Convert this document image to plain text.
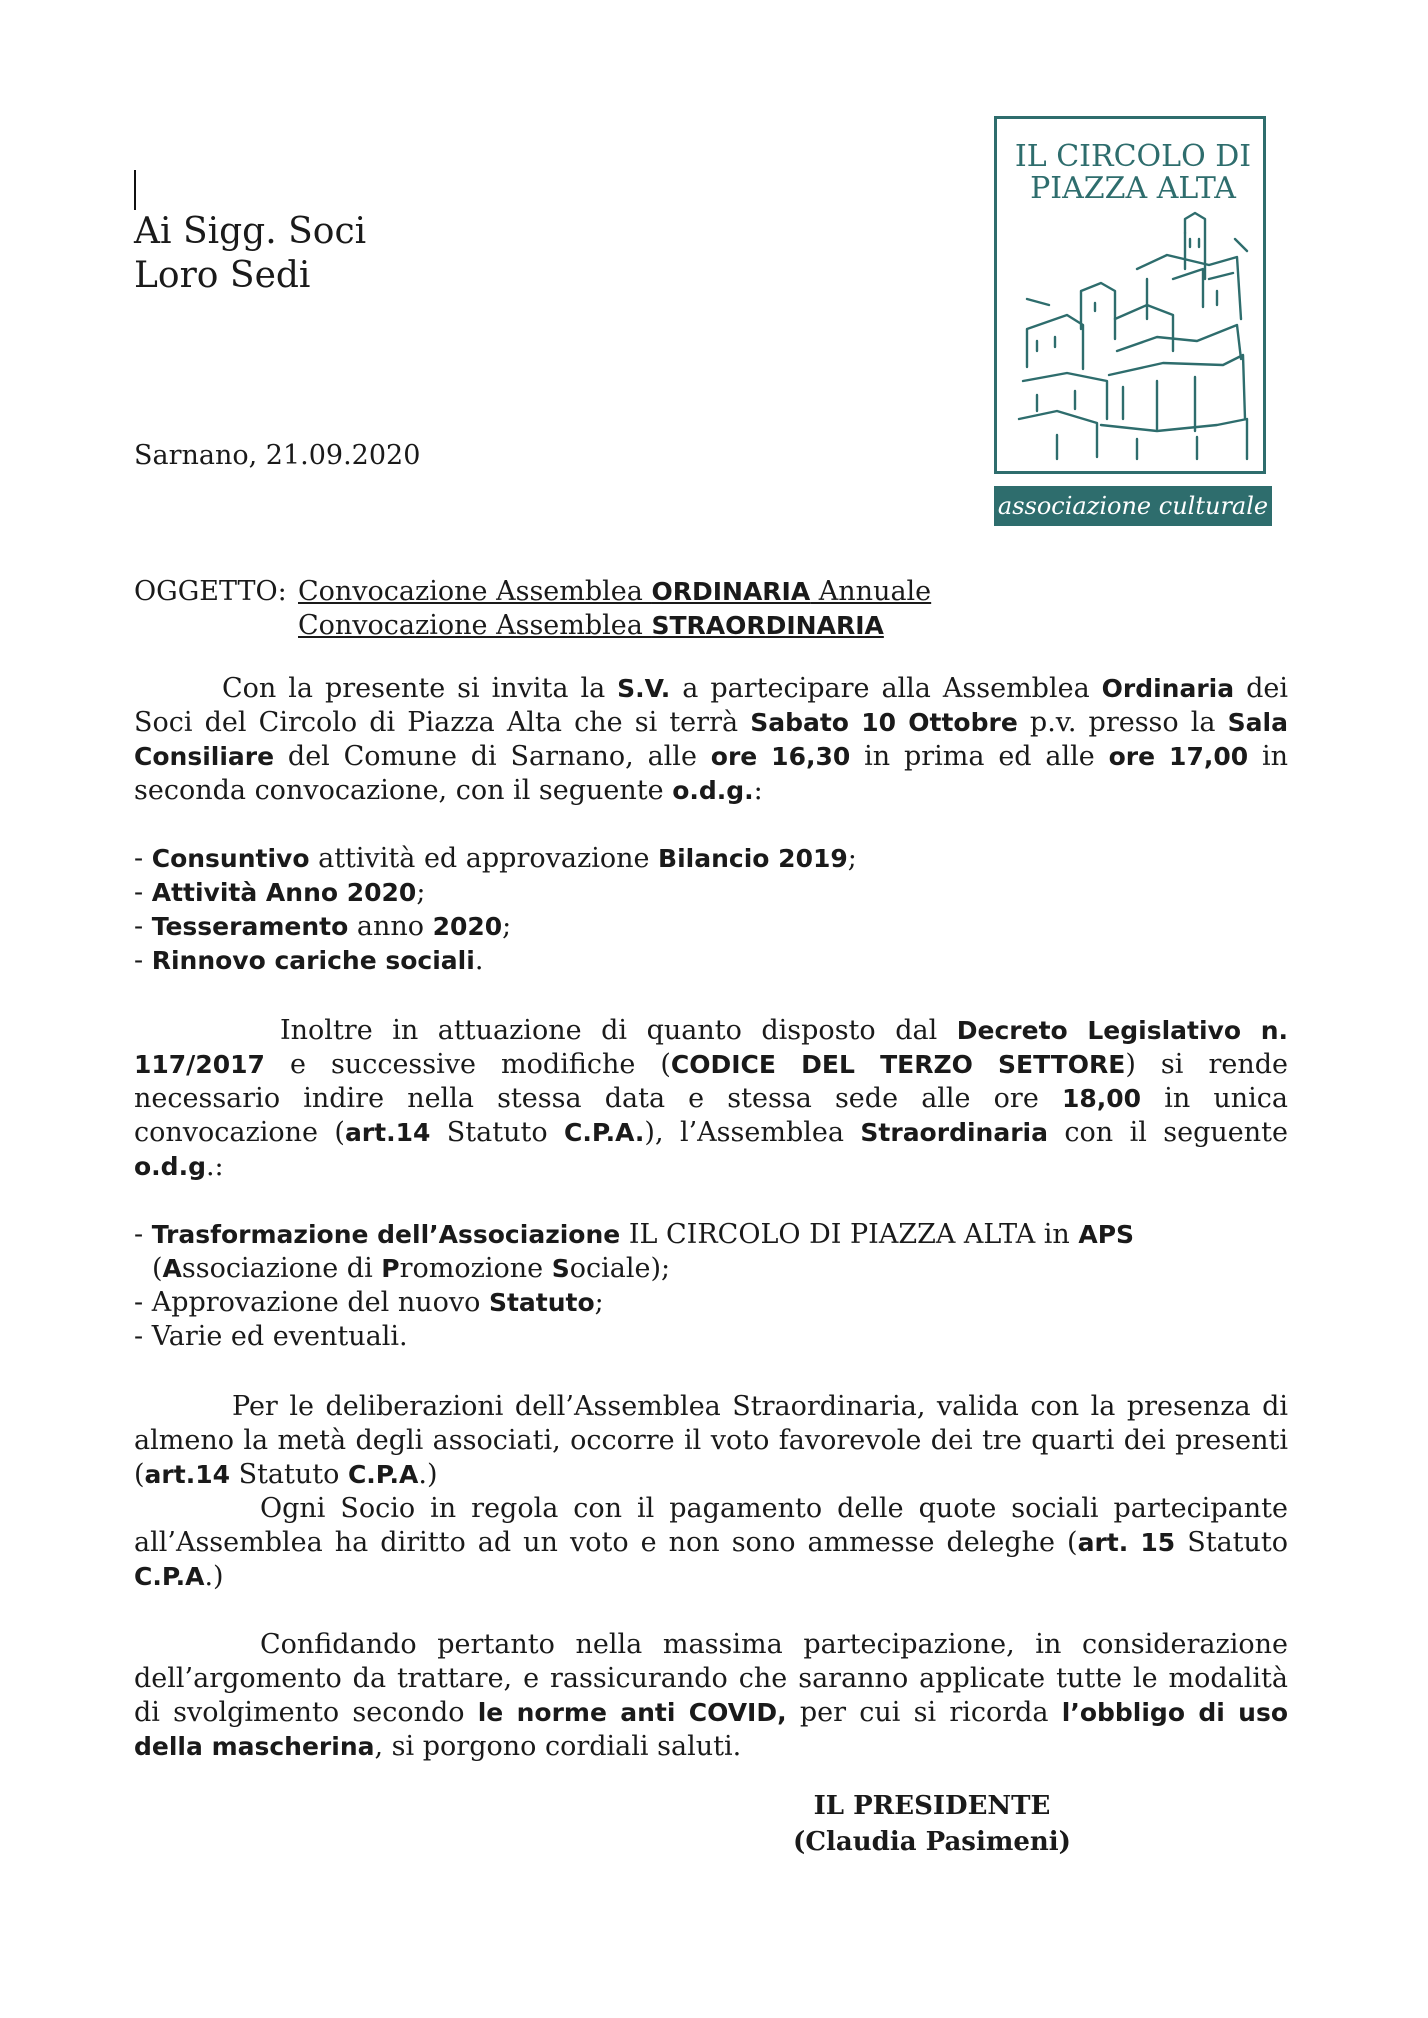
IL CIRCOLO DI
PIAZZA ALTA
associazione culturale
Ai Sigg. Soci
Loro Sedi
Sarnano, 21.09.2020
OGGETTO: Convocazione Assemblea ORDINARIA Annuale
Convocazione Assemblea STRAORDINARIA

Con la presente si invita la S.V. a partecipare alla Assemblea Ordinaria dei Soci del Circolo di Piazza Alta che si terrà Sabato 10 Ottobre p.v. presso la Sala Consiliare del Comune di Sarnano, alle ore 16,30 in prima ed alle ore 17,00 in seconda convocazione, con il seguente o.d.g.:

- Consuntivo attività ed approvazione Bilancio 2019;
- Attività Anno 2020;
- Tesseramento anno 2020;
- Rinnovo cariche sociali.

Inoltre in attuazione di quanto disposto dal Decreto Legislativo n. 117/2017 e successive modifiche (CODICE DEL TERZO SETTORE) si rende necessario indire nella stessa data e stessa sede alle ore 18,00 in unica convocazione (art.14 Statuto C.P.A.), l’Assemblea Straordinaria con il seguente o.d.g.:

- Trasformazione dell’Associazione IL CIRCOLO DI PIAZZA ALTA in APS
(Associazione di Promozione Sociale);
- Approvazione del nuovo Statuto;
- Varie ed eventuali.

Per le deliberazioni dell’Assemblea Straordinaria, valida con la presenza di almeno la metà degli associati, occorre il voto favorevole dei tre quarti dei presenti (art.14 Statuto C.P.A.)

Ogni Socio in regola con il pagamento delle quote sociali partecipante all’Assemblea ha diritto ad un voto e non sono ammesse deleghe (art. 15 Statuto C.P.A.)

Confidando pertanto nella massima partecipazione, in considerazione dell’argomento da trattare, e rassicurando che saranno applicate tutte le modalità di svolgimento secondo le norme anti COVID, per cui si ricorda l’obbligo di uso della mascherina, si porgono cordiali saluti.

IL PRESIDENTE
(Claudia Pasimeni)
